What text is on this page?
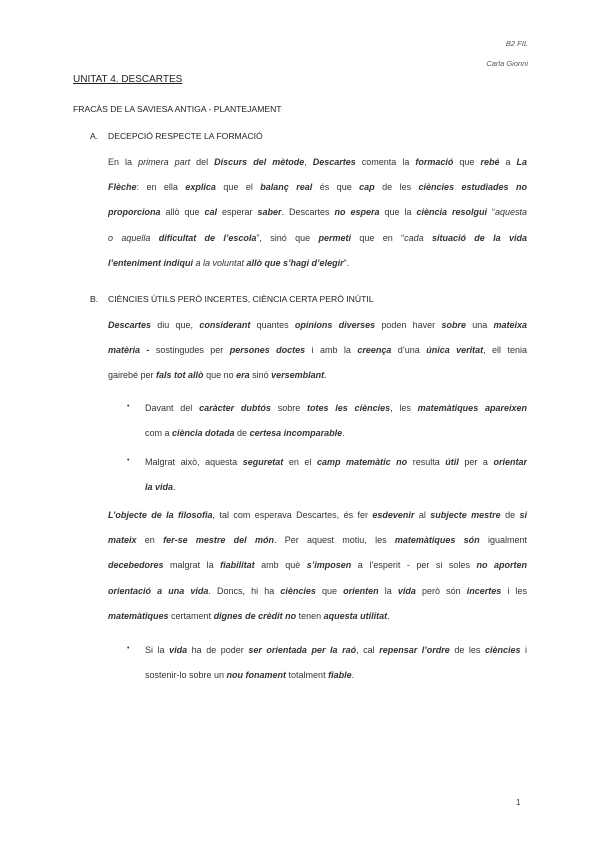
B2 FIL
Carla Gionni
UNITAT 4. DESCARTES
FRACÀS DE LA SAVIESA ANTIGA - PLANTEJAMENT
A. DECEPCIÓ RESPECTE LA FORMACIÓ
En la primera part del Discurs del mètode, Descartes comenta la formació que rebé a La
Flèche: en ella explica que el balanç real és que cap de les ciències estudiades no
proporciona allò que cal esperar saber. Descartes no espera que la ciència resolgui “aquesta
o aquella dificultat de l’escola”, sinó que permeti que en “cada situació de la vida
l’enteniment indiqui a la voluntat allò que s’hagi d’elegir”.
B. CIÈNCIES ÚTILS PERÒ INCERTES, CIÈNCIA CERTA PERÒ INÚTIL
Descartes diu que, considerant quantes opinions diverses poden haver sobre una mateixa
matèria - sostingudes per persones doctes i amb la creença d’una única veritat, ell tenia
gairebé per fals tot allò que no era sinó versemblant.
• Davant del caràcter dubtós sobre totes les ciències, les matemàtiques apareixen
com a ciència dotada de certesa incomparable.
• Malgrat això, aquesta seguretat en el camp matemàtic no resulta útil per a orientar
la vida.
L’objecte de la filosofia, tal com esperava Descartes, és fer esdevenir al subjecte mestre de si
mateix en fer-se mestre del món. Per aquest motiu, les matemàtiques són igualment
decebedores malgrat la fiabilitat amb què s’imposen a l’esperit - per si soles no aporten
orientació a una vida. Doncs, hi ha ciències que orienten la vida però són incertes i les
matemàtiques certament dignes de crèdit no tenen aquesta utilitat.
• Si la vida ha de poder ser orientada per la raó, cal repensar l’ordre de les ciències i
sostenir-lo sobre un nou fonament totalment fiable.
1
